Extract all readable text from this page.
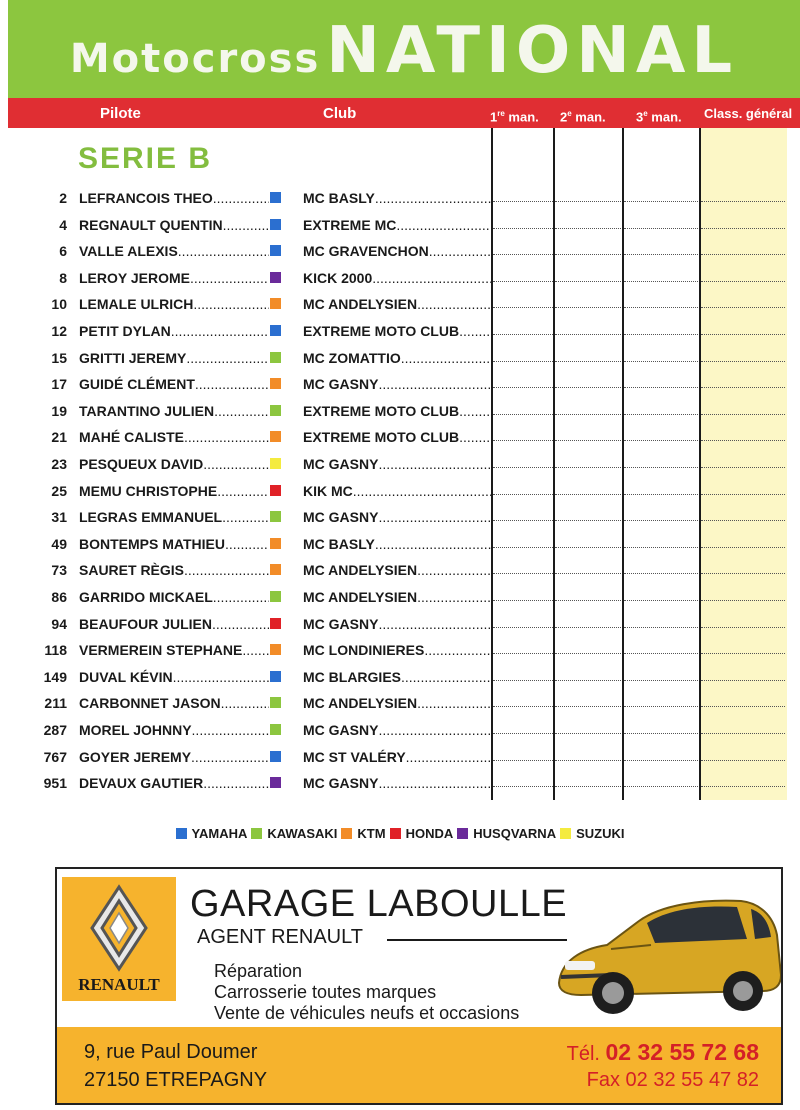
MotocrossNATIONAL
Pilote	Club	1re man. 2e man. 3e man. Class. général
SERIE B
2 LEFRANCOIS THEO .....	MC BASLY .....
4 REGNAULT QUENTIN .....	EXTREME MC .....
6 VALLE ALEXIS .....	MC GRAVENCHON .....
8 LEROY JEROME .....	KICK 2000 .....
10 LEMALE ULRICH .....	MC ANDELYSIEN .....
12 PETIT DYLAN .....	EXTREME MOTO CLUB .....
15 GRITTI JEREMY .....	MC ZOMATTIO .....
17 GUIDÉ CLÉMENT .....	MC GASNY .....
19 TARANTINO JULIEN .....	EXTREME MOTO CLUB .....
21 MAHÉ CALISTE .....	EXTREME MOTO CLUB .....
23 PESQUEUX DAVID .....	MC GASNY .....
25 MEMU CHRISTOPHE .....	KIK MC .....
31 LEGRAS EMMANUEL .....	MC GASNY .....
49 BONTEMPS MATHIEU .....	MC BASLY .....
73 SAURET RÈGIS .....	MC ANDELYSIEN .....
86 GARRIDO MICKAEL .....	MC ANDELYSIEN .....
94 BEAUFOUR JULIEN .....	MC GASNY .....
118 VERMEREIN STEPHANE .....	MC LONDINIERES .....
149 DUVAL KÉVIN .....	MC BLARGIES .....
211 CARBONNET JASON .....	MC ANDELYSIEN .....
287 MOREL JOHNNY .....	MC GASNY .....
767 GOYER JEREMY .....	MC ST VALÉRY .....
951 DEVAUX GAUTIER .....	MC GASNY .....
YAMAHA KAWASAKI KTM HONDA HUSQVARNA SUZUKI
RENAULT
GARAGE LABOULLE
AGENT RENAULT
Réparation
Carrosserie toutes marques
Vente de véhicules neufs et occasions
9, rue Paul Doumer
27150 ETREPAGNY
Tél. 02 32 55 72 68
Fax 02 32 55 47 82
